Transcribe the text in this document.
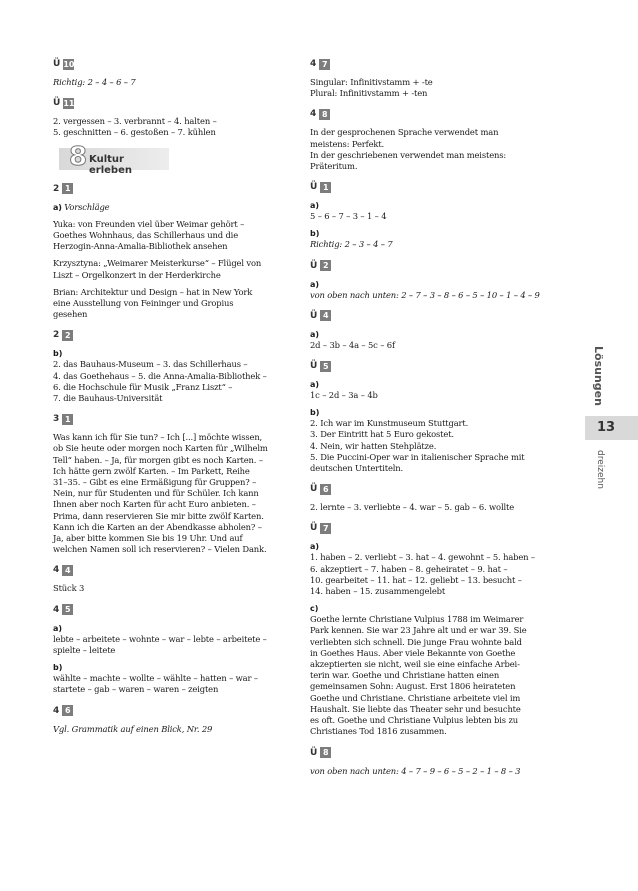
Ü 10
Richtig: 2 – 4 – 6 – 7
Ü 11
2. vergessen – 3. verbrannt – 4. halten –
5. geschnitten – 6. gestoßen – 7. kühlen
8 Kultur erleben
2 1
a) Vorschläge
Yuka: von Freunden viel über Weimar gehört –
Goethes Wohnhaus, das Schillerhaus und die
Herzogin-Anna-Amalia-Bibliothek ansehen
Krzysztyna: „Weimarer Meisterkurse“ – Flügel von
Liszt – Orgelkonzert in der Herderkirche
Brian: Architektur und Design – hat in New York
eine Ausstellung von Feininger und Gropius
gesehen
2 2
b)
2. das Bauhaus-Museum – 3. das Schillerhaus –
4. das Goethehaus – 5. die Anna-Amalia-Bibliothek –
6. die Hochschule für Musik „Franz Liszt“ –
7. die Bauhaus-Universität
3 1
Was kann ich für Sie tun? – Ich [...] möchte wissen,
ob Sie heute oder morgen noch Karten für „Wilhelm
Tell“ haben. – Ja, für morgen gibt es noch Karten. –
Ich hätte gern zwölf Karten. – Im Parkett, Reihe
31–35. – Gibt es eine Ermäßigung für Gruppen? –
Nein, nur für Studenten und für Schüler. Ich kann
Ihnen aber noch Karten für acht Euro anbieten. –
Prima, dann reservieren Sie mir bitte zwölf Karten.
Kann ich die Karten an der Abendkasse abholen? –
Ja, aber bitte kommen Sie bis 19 Uhr. Und auf
welchen Namen soll ich reservieren? – Vielen Dank.
4 4
Stück 3
4 5
a)
lebte – arbeitete – wohnte – war – lebte – arbeitete –
spielte – leitete
b)
wählte – machte – wollte – wählte – hatten – war –
startete – gab – waren – waren – zeigten
4 6
Vgl. Grammatik auf einen Blick, Nr. 29
4 7
Singular: Infinitivstamm + -te
Plural: Infinitivstamm + -ten
4 8
In der gesprochenen Sprache verwendet man
meistens: Perfekt.
In der geschriebenen verwendet man meistens:
Präteritum.
Ü 1
a)
5 – 6 – 7 – 3 – 1 – 4
b)
Richtig: 2 – 3 – 4 – 7
Ü 2
a)
von oben nach unten: 2 – 7 – 3 – 8 – 6 – 5 – 10 – 1 – 4 – 9
Ü 4
a)
2d – 3b – 4a – 5c – 6f
Ü 5
a)
1c – 2d – 3a – 4b
b)
2. Ich war im Kunstmuseum Stuttgart.
3. Der Eintritt hat 5 Euro gekostet.
4. Nein, wir hatten Stehplätze.
5. Die Puccini-Oper war in italienischer Sprache mit
deutschen Untertiteln.
Ü 6
2. lernte – 3. verliebte – 4. war – 5. gab – 6. wollte
Ü 7
a)
1. haben – 2. verliebt – 3. hat – 4. gewohnt – 5. haben –
6. akzeptiert – 7. haben – 8. geheiratet – 9. hat –
10. gearbeitet – 11. hat – 12. geliebt – 13. besucht –
14. haben – 15. zusammengelebt
c)
Goethe lernte Christiane Vulpius 1788 im Weimarer
Park kennen. Sie war 23 Jahre alt und er war 39. Sie
verliebten sich schnell. Die junge Frau wohnte bald
in Goethes Haus. Aber viele Bekannte von Goethe
akzeptierten sie nicht, weil sie eine einfache Arbei-
terin war. Goethe und Christiane hatten einen
gemeinsamen Sohn: August. Erst 1806 heirateten
Goethe und Christiane. Christiane arbeitete viel im
Haushalt. Sie liebte das Theater sehr und besuchte
es oft. Goethe und Christiane Vulpius lebten bis zu
Christianes Tod 1816 zusammen.
Ü 8
von oben nach unten: 4 – 7 – 9 – 6 – 5 – 2 – 1 – 8 – 3
Lösungen
13
dreizehn
